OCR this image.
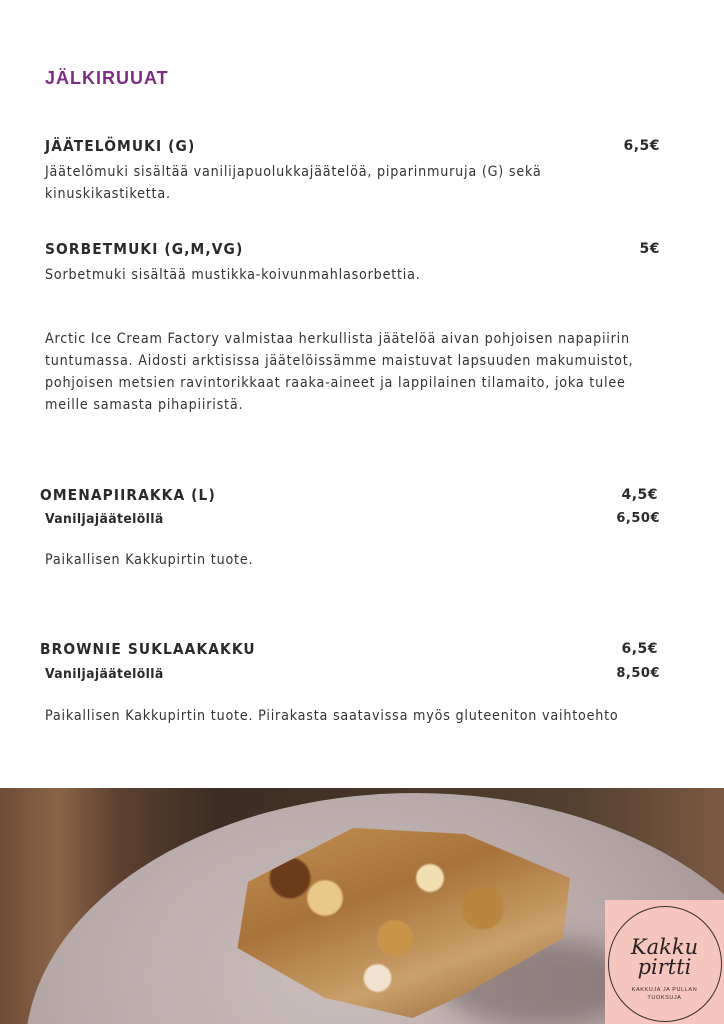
JÄLKIRUUAT
JÄÄTELÖMUKI (G)	6,5€
Jäätelömuki sisältää vanilijapuolukkajäätelöä, piparinmuruja (G) sekä kinuskikastiketta.
SORBETMUKI (G,M,VG)	5€
Sorbetmuki sisältää mustikka-koivunmahlasorbettia.
Arctic Ice Cream Factory valmistaa herkullista jäätelöä aivan pohjoisen napapiirin tuntumassa. Aidosti arktisissa jäätelöissämme maistuvat lapsuuden makumuistot, pohjoisen metsien ravintorikkaat raaka-aineet ja lappilainen tilamaito, joka tulee meille samasta pihapiiristä.
OMENAPIIRAKKA (L)	4,5€
Vaniljajäätelöllä	6,50€
Paikallisen Kakkupirtin tuote.
BROWNIE SUKLAAKAKKU	6,5€
Vaniljajäätelöllä	8,50€
Paikallisen Kakkupirtin tuote. Piirakasta saatavissa myös gluteeniton vaihtoehto
Kakku
pirtti
KAKKUJA JA PULLAN
TUOKSUJA
